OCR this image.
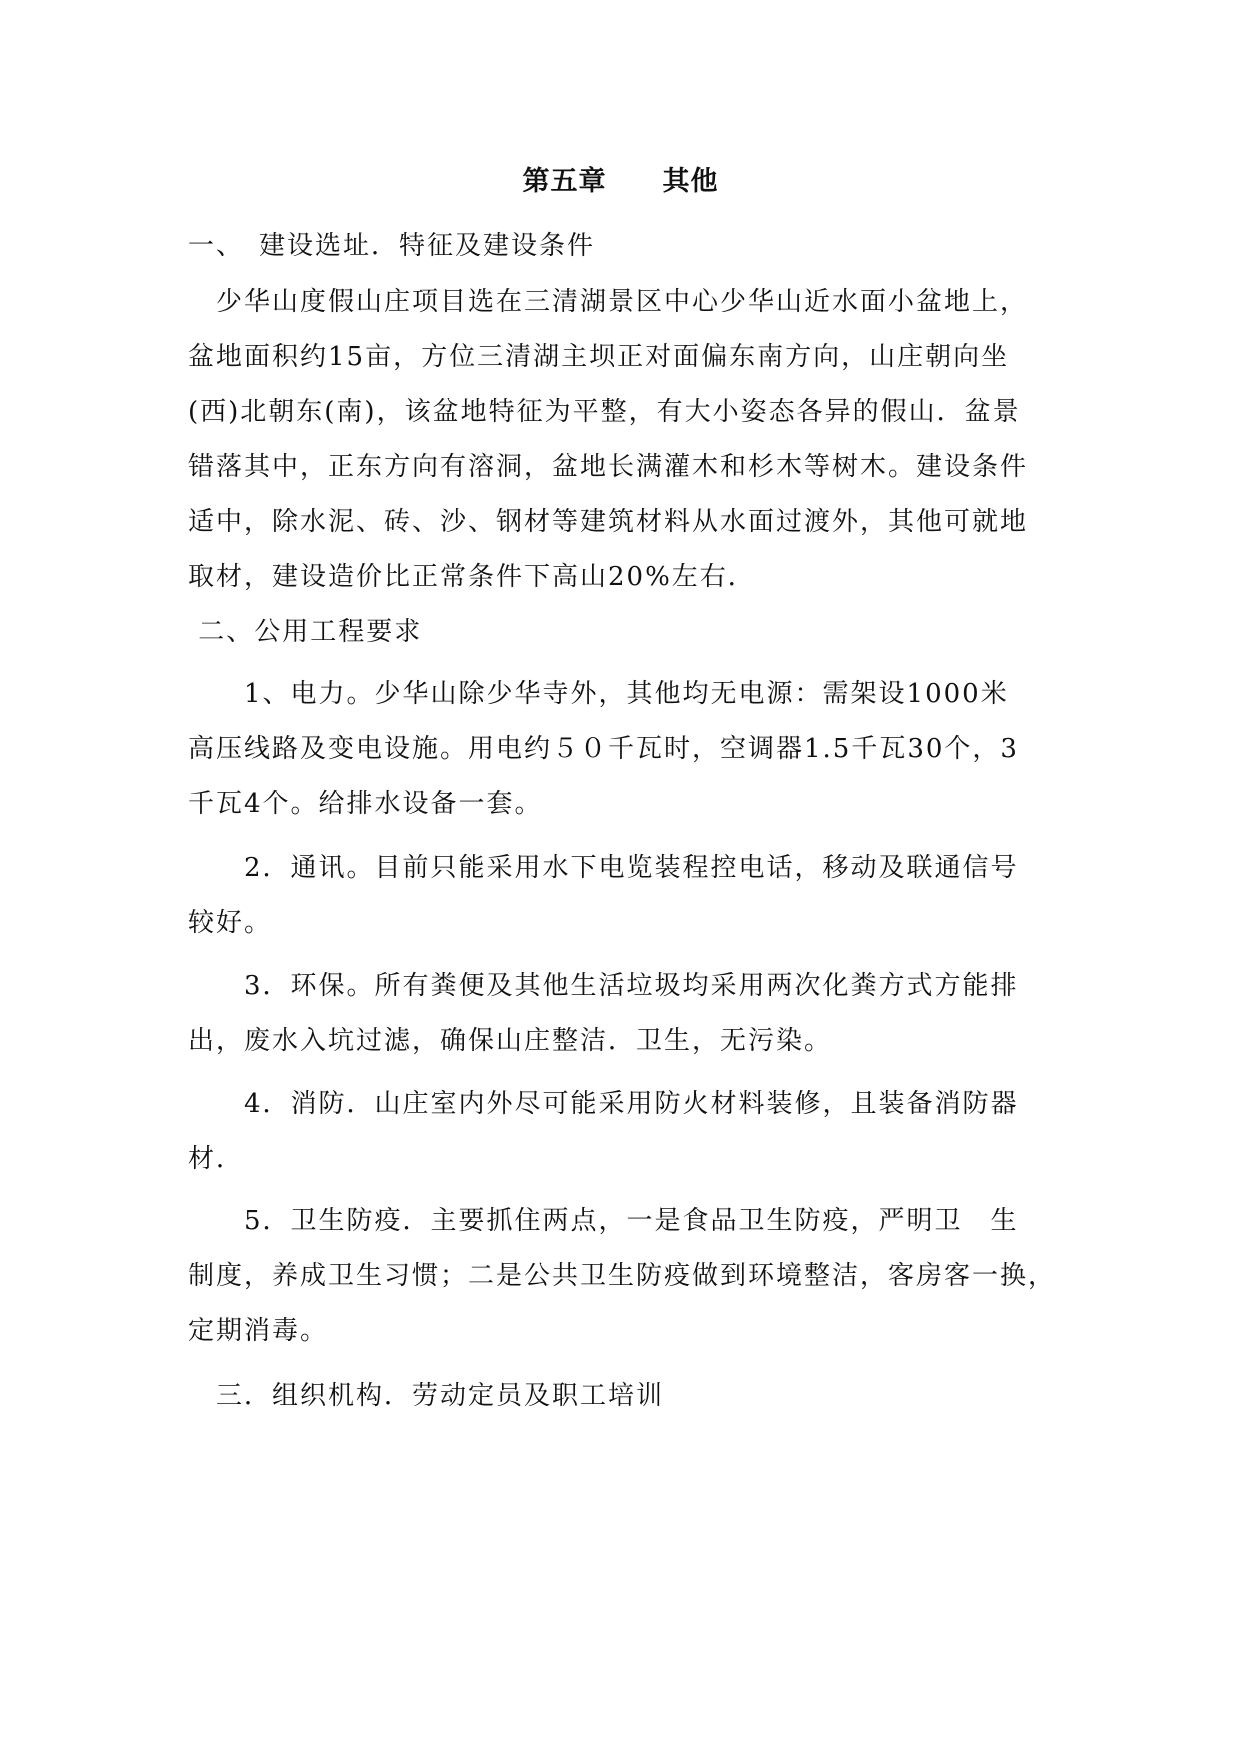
第五章　　其他
一、　建设选址．特征及建设条件
　少华山度假山庄项目选在三清湖景区中心少华山近水面小盆地上，
盆地面积约15亩，方位三清湖主坝正对面偏东南方向，山庄朝向坐
(西)北朝东(南)，该盆地特征为平整，有大小姿态各异的假山．盆景
错落其中，正东方向有溶洞，盆地长满灌木和杉木等树木。建设条件
适中，除水泥、砖、沙、钢材等建筑材料从水面过渡外，其他可就地
取材，建设造价比正常条件下高山20%左右．
二、公用工程要求
　　1、电力。少华山除少华寺外，其他均无电源：需架设1000米
高压线路及变电设施。用电约５０千瓦时，空调器1.5千瓦30个，3
千瓦4个。给排水设备一套。
　　2．通讯。目前只能采用水下电览装程控电话，移动及联通信号
较好。
　　3．环保。所有粪便及其他生活垃圾均采用两次化粪方式方能排
出，废水入坑过滤，确保山庄整洁．卫生，无污染。
　　4．消防．山庄室内外尽可能采用防火材料装修，且装备消防器
材．
　　5．卫生防疫．主要抓住两点，一是食品卫生防疫，严明卫　生
制度，养成卫生习惯；二是公共卫生防疫做到环境整洁，客房客一换，
定期消毒。
　三．组织机构．劳动定员及职工培训
